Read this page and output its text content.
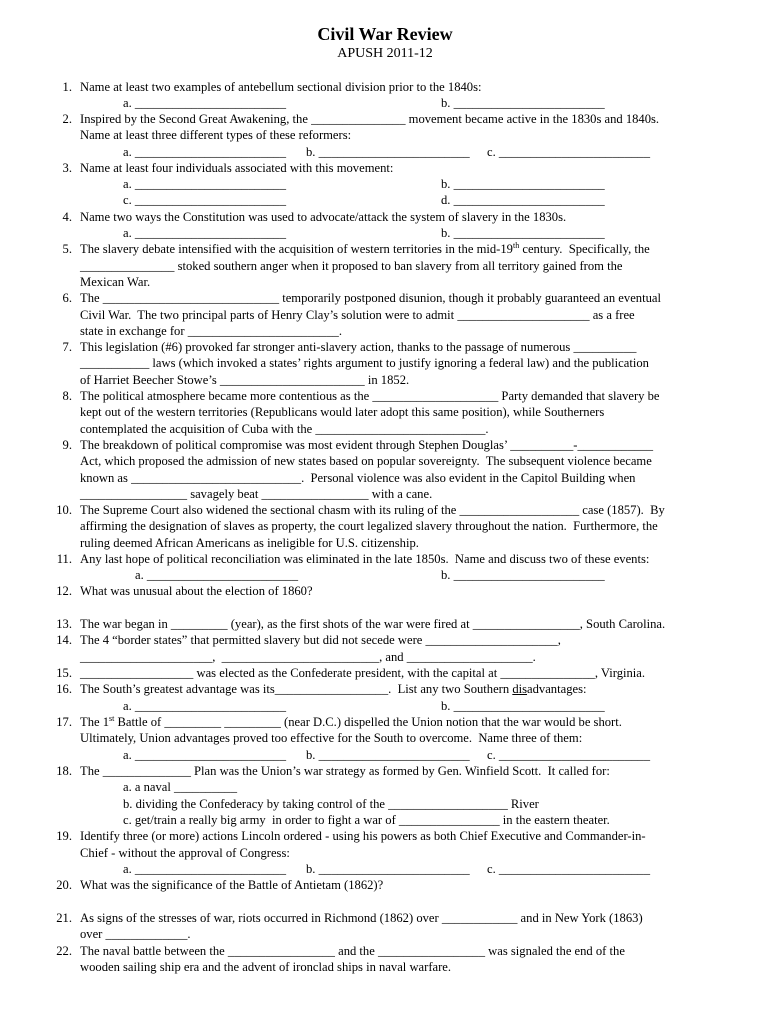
Civil War Review
APUSH 2011-12
1. Name at least two examples of antebellum sectional division prior to the 1840s:
a. ________________________	b. ________________________
2. Inspired by the Second Great Awakening, the _______________ movement became active in the 1830s and 1840s.
Name at least three different types of these reformers:
a. ________________________ b. ________________________ c. ________________________
3. Name at least four individuals associated with this movement:
a. ________________________	b. ________________________
c. ________________________	d. ________________________
4. Name two ways the Constitution was used to advocate/attack the system of slavery in the 1830s.
a. ________________________	b. ________________________
5. The slavery debate intensified with the acquisition of western territories in the mid-19th century.  Specifically, the
_______________ stoked southern anger when it proposed to ban slavery from all territory gained from the
Mexican War.
6. The ____________________________ temporarily postponed disunion, though it probably guaranteed an eventual
Civil War.  The two principal parts of Henry Clay’s solution were to admit _____________________ as a free
state in exchange for ________________________.
7. This legislation (#6) provoked far stronger anti-slavery action, thanks to the passage of numerous __________
___________ laws (which invoked a states’ rights argument to justify ignoring a federal law) and the publication
of Harriet Beecher Stowe’s _______________________ in 1852.
8. The political atmosphere became more contentious as the ____________________ Party demanded that slavery be
kept out of the western territories (Republicans would later adopt this same position), while Southerners
contemplated the acquisition of Cuba with the ___________________________.
9. The breakdown of political compromise was most evident through Stephen Douglas’ __________-____________
Act, which proposed the admission of new states based on popular sovereignty.  The subsequent violence became
known as ___________________________.  Personal violence was also evident in the Capitol Building when
_________________ savagely beat _________________ with a cane.
10. The Supreme Court also widened the sectional chasm with its ruling of the ___________________ case (1857).  By
affirming the designation of slaves as property, the court legalized slavery throughout the nation.  Furthermore, the
ruling deemed African Americans as ineligible for U.S. citizenship.
11. Any last hope of political reconciliation was eliminated in the late 1850s.  Name and discuss two of these events:
a. ________________________	b. ________________________
12. What was unusual about the election of 1860?
13. The war began in _________ (year), as the first shots of the war were fired at _________________, South Carolina.
14. The 4 “border states” that permitted slavery but did not secede were _____________________,
_____________________,  _________________________, and ____________________.
15. __________________ was elected as the Confederate president, with the capital at _______________, Virginia.
16. The South’s greatest advantage was its__________________.  List any two Southern disadvantages:
a. ________________________	b. ________________________
17. The 1st Battle of _________ _________ (near D.C.) dispelled the Union notion that the war would be short.
Ultimately, Union advantages proved too effective for the South to overcome.  Name three of them:
a. ________________________ b. ________________________ c. ________________________
18. The ______________ Plan was the Union’s war strategy as formed by Gen. Winfield Scott.  It called for:
a. a naval __________
b. dividing the Confederacy by taking control of the ___________________ River
c. get/train a really big army  in order to fight a war of ________________ in the eastern theater.
19. Identify three (or more) actions Lincoln ordered - using his powers as both Chief Executive and Commander-in-
Chief - without the approval of Congress:
a. ________________________ b. ________________________ c. ________________________
20. What was the significance of the Battle of Antietam (1862)?
21. As signs of the stresses of war, riots occurred in Richmond (1862) over ____________ and in New York (1863)
over _____________.
22. The naval battle between the _________________ and the _________________ was signaled the end of the
wooden sailing ship era and the advent of ironclad ships in naval warfare.
